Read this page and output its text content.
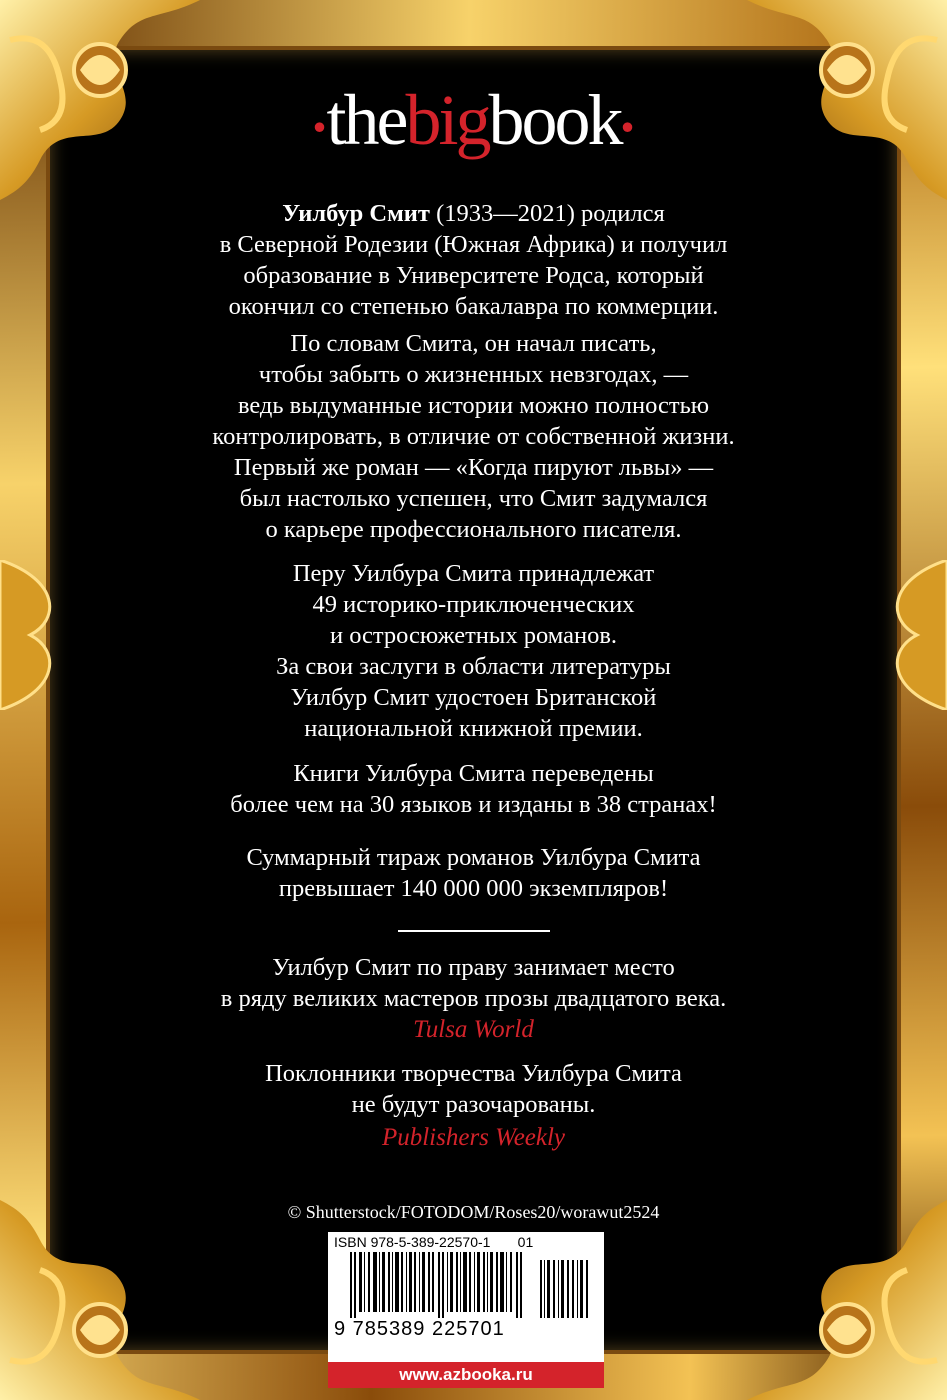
•thebigbook•

Уилбур Смит (1933—2021) родился

в Северной Родезии (Южная Африка) и получил

образование в Университете Родса, который

окончил со степенью бакалавра по коммерции.

По словам Смита, он начал писать,

чтобы забыть о жизненных невзгодах, —

ведь выдуманные истории можно полностью

контролировать, в отличие от собственной жизни.

Первый же роман — «Когда пируют львы» —

был настолько успешен, что Смит задумался

о карьере профессионального писателя.

Перу Уилбура Смита принадлежат

49 историко-приключенческих

и остросюжетных романов.

За свои заслуги в области литературы

Уилбур Смит удостоен Британской

национальной книжной премии.

Книги Уилбура Смита переведены

более чем на 30 языков и изданы в 38 странах!

Суммарный тираж романов Уилбура Смита

превышает 140 000 000 экземпляров!

Уилбур Смит по праву занимает место

в ряду великих мастеров прозы двадцатого века.

Tulsa World

Поклонники творчества Уилбура Смита

не будут разочарованы.

Publishers Weekly
© Shutterstock/FOTODOM/Roses20/worawut2524
ISBN 978-5-389-22570-1 01
9 785389 225701
www.azbooka.ru
